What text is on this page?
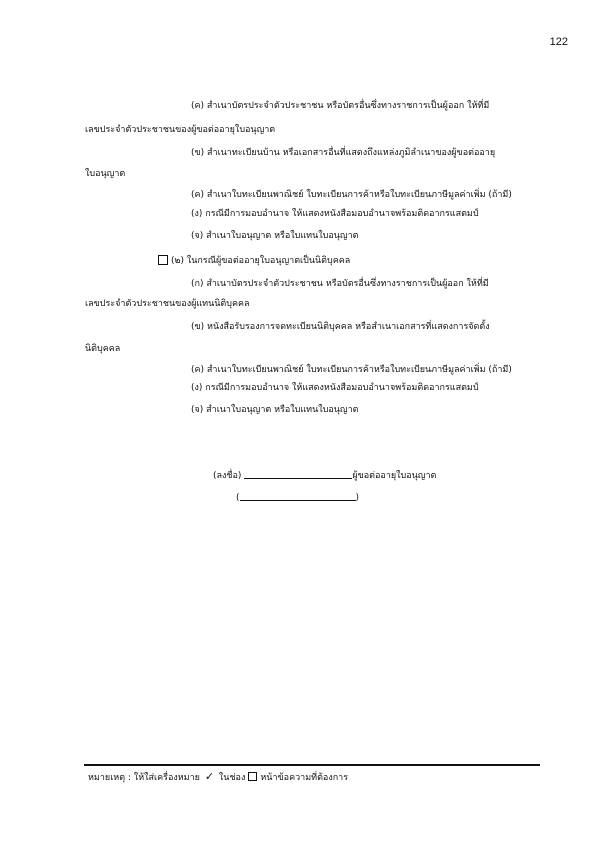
122
(ค) สำเนาบัตรประจำตัวประชาชน หรือบัตรอื่นซึ่งทางราชการเป็นผู้ออก ให้ที่มี
เลขประจำตัวประชาชนของผู้ขอต่ออายุใบอนุญาต
(ข) สำเนาทะเบียนบ้าน หรือเอกสารอื่นที่แสดงถึงแหล่งภูมิลำเนาของผู้ขอต่ออายุ
ใบอนุญาต
(ค) สำเนาใบทะเบียนพาณิชย์ ใบทะเบียนการค้าหรือใบทะเบียนภาษีมูลค่าเพิ่ม (ถ้ามี)
(ง) กรณีมีการมอบอำนาจ ให้แสดงหนังสือมอบอำนาจพร้อมติดอากรแสตมป์
(จ) สำเนาใบอนุญาต หรือใบแทนใบอนุญาต
(๒) ในกรณีผู้ขอต่ออายุใบอนุญาตเป็นนิติบุคคล
(ก) สำเนาบัตรประจำตัวประชาชน หรือบัตรอื่นซึ่งทางราชการเป็นผู้ออก ให้ที่มี
เลขประจำตัวประชาชนของผู้แทนนิติบุคคล
(ข) หนังสือรับรองการจดทะเบียนนิติบุคคล หรือสำเนาเอกสารที่แสดงการจัดตั้ง
นิติบุคคล
(ค) สำเนาใบทะเบียนพาณิชย์ ใบทะเบียนการค้าหรือใบทะเบียนภาษีมูลค่าเพิ่ม (ถ้ามี)
(ง) กรณีมีการมอบอำนาจ ให้แสดงหนังสือมอบอำนาจพร้อมติดอากรแสตมป์
(จ) สำเนาใบอนุญาต หรือใบแทนใบอนุญาต
(ลงชื่อ)	ผู้ขอต่ออายุใบอนุญาต
(	)
หมายเหตุ : ให้ใส่เครื่องหมาย ✓ ในช่อง หน้าข้อความที่ต้องการ
